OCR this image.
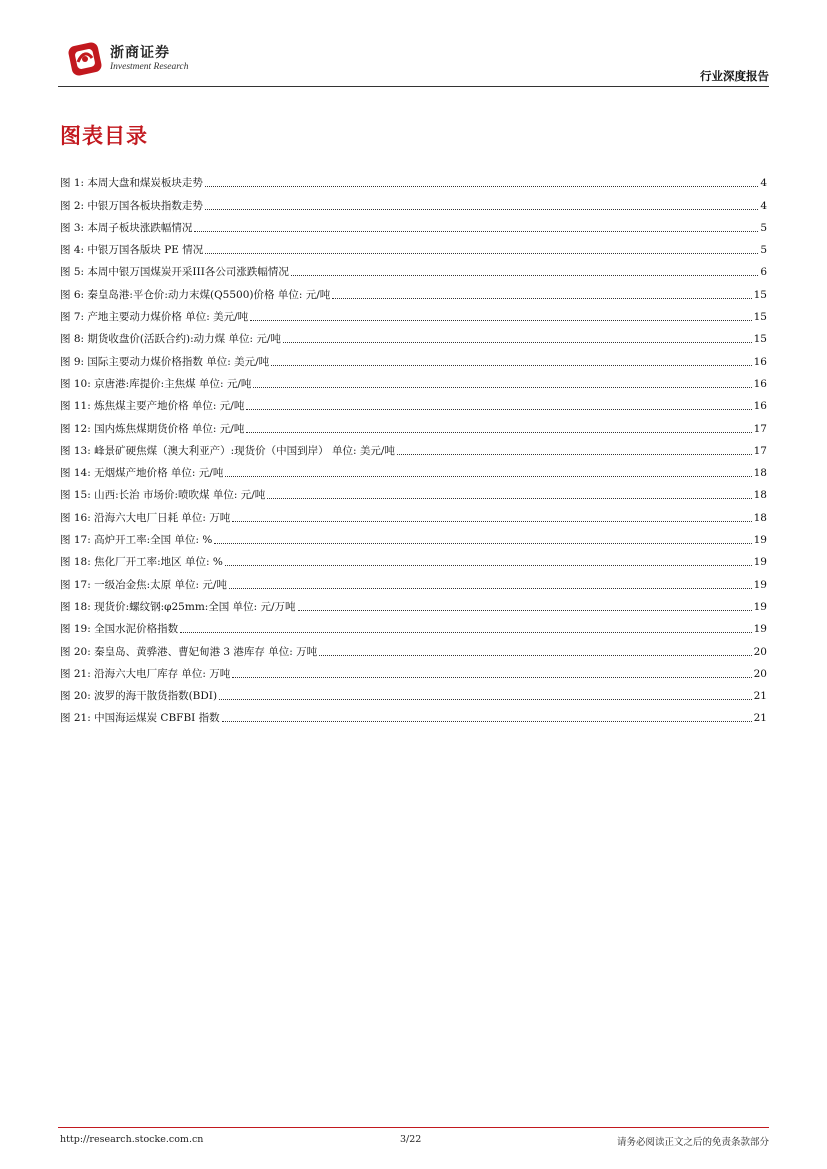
浙商证券
Investment Research
行业深度报告
图表目录
图 1: 本周大盘和煤炭板块走势	4
图 2: 中银万国各板块指数走势	4
图 3: 本周子板块涨跌幅情况	5
图 4: 中银万国各版块 PE 情况	5
图 5: 本周中银万国煤炭开采III各公司涨跌幅情况	6
图 6: 秦皇岛港:平仓价:动力末煤(Q5500)价格 单位: 元/吨	15
图 7: 产地主要动力煤价格 单位: 美元/吨	15
图 8: 期货收盘价(活跃合约):动力煤 单位: 元/吨	15
图 9: 国际主要动力煤价格指数 单位: 美元/吨	16
图 10: 京唐港:库提价:主焦煤 单位: 元/吨	16
图 11: 炼焦煤主要产地价格 单位: 元/吨	16
图 12: 国内炼焦煤期货价格 单位: 元/吨	17
图 13: 峰景矿硬焦煤（澳大利亚产）:现货价（中国到岸） 单位: 美元/吨	17
图 14: 无烟煤产地价格 单位: 元/吨	18
图 15: 山西:长治 市场价:喷吹煤 单位: 元/吨	18
图 16: 沿海六大电厂日耗 单位: 万吨	18
图 17: 高炉开工率:全国 单位: %	19
图 18: 焦化厂开工率:地区 单位: %	19
图 17: 一级冶金焦:太原 单位: 元/吨	19
图 18: 现货价:螺纹钢:φ25mm:全国 单位: 元/万吨	19
图 19: 全国水泥价格指数	19
图 20: 秦皇岛、黄骅港、曹妃甸港 3 港库存 单位: 万吨	20
图 21: 沿海六大电厂库存 单位: 万吨	20
图 20: 波罗的海干散货指数(BDI)	21
图 21: 中国海运煤炭 CBFBI 指数	21
http://research.stocke.com.cn	3/22	请务必阅读正文之后的免责条款部分
